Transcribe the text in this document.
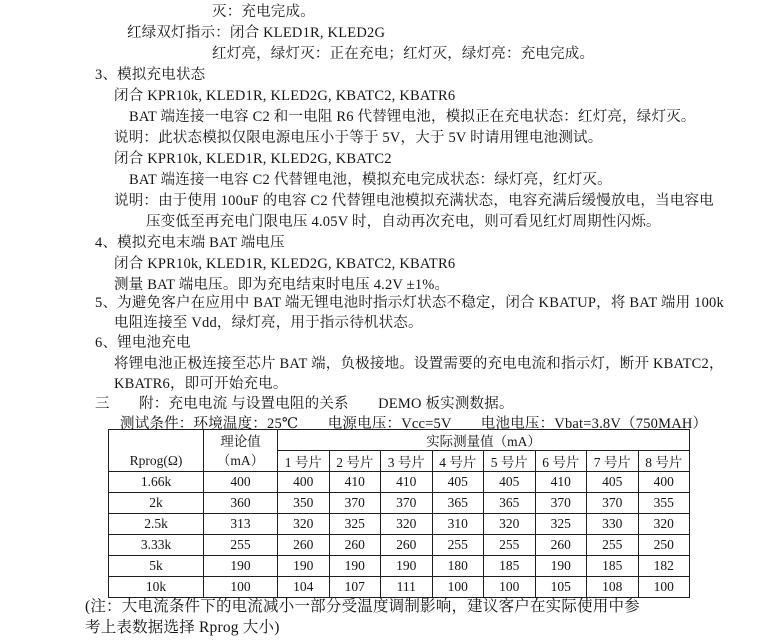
灭：充电完成。
红绿双灯指示：闭合 KLED1R, KLED2G
红灯亮，绿灯灭：正在充电；红灯灭，绿灯亮：充电完成。
3、模拟充电状态
闭合 KPR10k, KLED1R, KLED2G, KBATC2, KBATR6
BAT 端连接一电容 C2 和一电阻 R6 代替锂电池，模拟正在充电状态：红灯亮，绿灯灭。
说明：此状态模拟仅限电源电压小于等于 5V，大于 5V 时请用锂电池测试。
闭合 KPR10k, KLED1R, KLED2G, KBATC2
BAT 端连接一电容 C2 代替锂电池，模拟充电完成状态：绿灯亮，红灯灭。
说明：由于使用 100uF 的电容 C2 代替锂电池模拟充满状态，电容充满后缓慢放电，当电容电
压变低至再充电门限电压 4.05V 时，自动再次充电，则可看见红灯周期性闪烁。
4、模拟充电末端 BAT 端电压
闭合 KPR10k, KLED1R, KLED2G, KBATC2, KBATR6
测量 BAT 端电压。即为充电结束时电压 4.2V ±1%。
5、为避免客户在应用中 BAT 端无锂电池时指示灯状态不稳定，闭合 KBATUP，将 BAT 端用 100k
电阻连接至 Vdd，绿灯亮，用于指示待机状态。
6、锂电池充电
将锂电池正极连接至芯片 BAT 端，负极接地。设置需要的充电电流和指示灯，断开 KBATC2，
KBATR6，即可开始充电。
三　　附：充电电流 与设置电阻的关系　　DEMO 板实测数据。
测试条件：环境温度：25℃　　电源电压：Vcc=5V　　电池电压：Vbat=3.8V（750MAH）
Rprog(Ω)	理论值
（mA）	实际测量值（mA）							
		1 号片	2 号片	3 号片	4 号片	5 号片	6 号片	7 号片	8 号片
1.66k	400	400	410	410	405	405	410	405	400
2k	360	350	370	370	365	365	370	370	355
2.5k	313	320	325	320	310	320	325	330	320
3.33k	255	260	260	260	255	255	260	255	250
5k	190	190	190	190	180	185	190	185	182
10k	100	104	107	111	100	100	105	108	100
(注：大电流条件下的电流减小一部分受温度调制影响，建议客户在实际使用中参
考上表数据选择 Rprog 大小)
